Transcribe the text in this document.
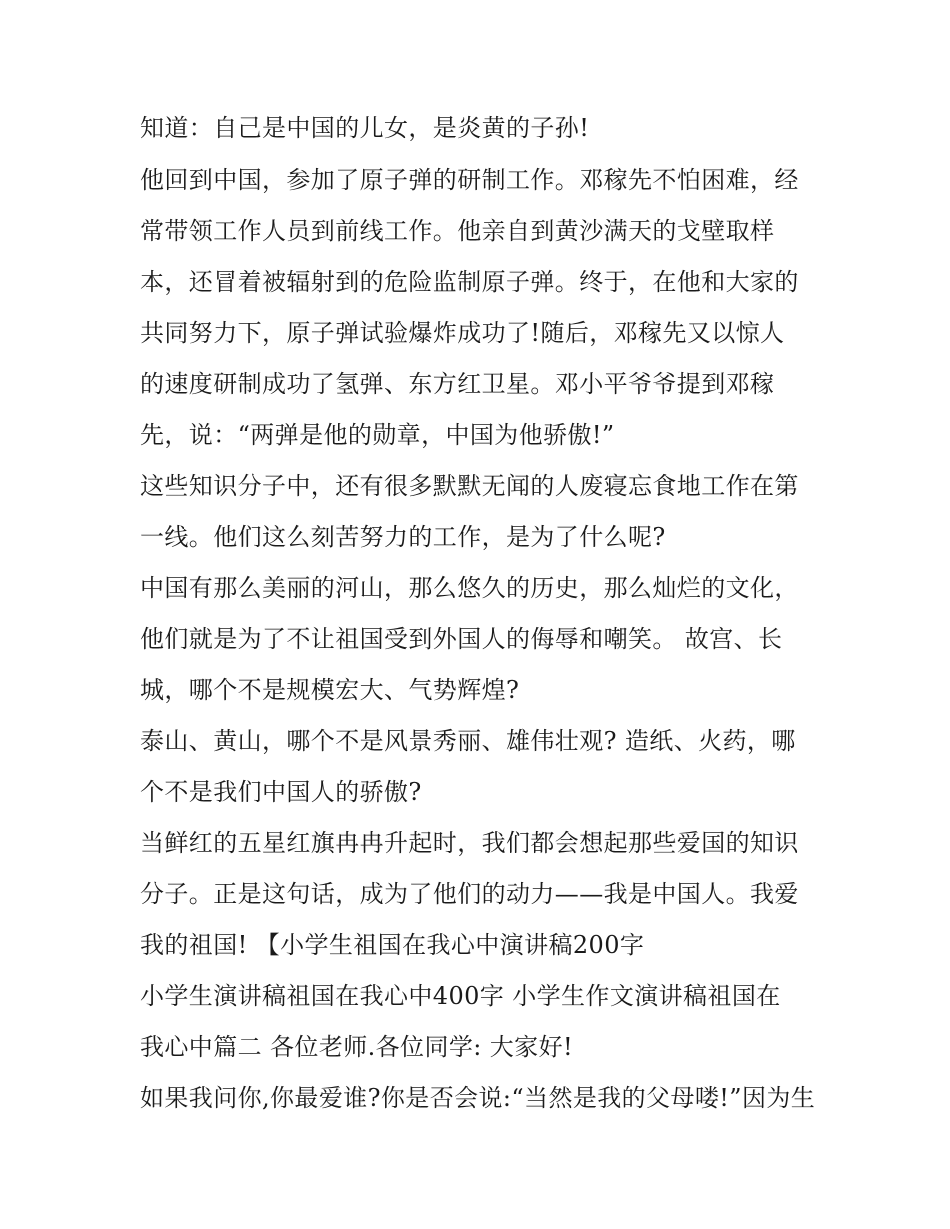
知道：自己是中国的儿女，是炎黄的子孙!
他回到中国，参加了原子弹的研制工作。邓稼先不怕困难，经
常带领工作人员到前线工作。他亲自到黄沙满天的戈壁取样
本，还冒着被辐射到的危险监制原子弹。终于，在他和大家的
共同努力下，原子弹试验爆炸成功了!随后，邓稼先又以惊人
的速度研制成功了氢弹、东方红卫星。邓小平爷爷提到邓稼
先，说：“两弹是他的勋章，中国为他骄傲!”
这些知识分子中，还有很多默默无闻的人废寝忘食地工作在第
一线。他们这么刻苦努力的工作，是为了什么呢?
中国有那么美丽的河山，那么悠久的历史，那么灿烂的文化，
他们就是为了不让祖国受到外国人的侮辱和嘲笑。 故宫、长
城，哪个不是规模宏大、气势辉煌?
泰山、黄山，哪个不是风景秀丽、雄伟壮观? 造纸、火药，哪
个不是我们中国人的骄傲?
当鲜红的五星红旗冉冉升起时，我们都会想起那些爱国的知识
分子。正是这句话，成为了他们的动力——我是中国人。我爱
我的祖国! 【小学生祖国在我心中演讲稿200字
小学生演讲稿祖国在我心中400字 小学生作文演讲稿祖国在
我心中篇二 各位老师.各位同学: 大家好!
如果我问你,你最爱谁?你是否会说:“当然是我的父母喽!”因为生
